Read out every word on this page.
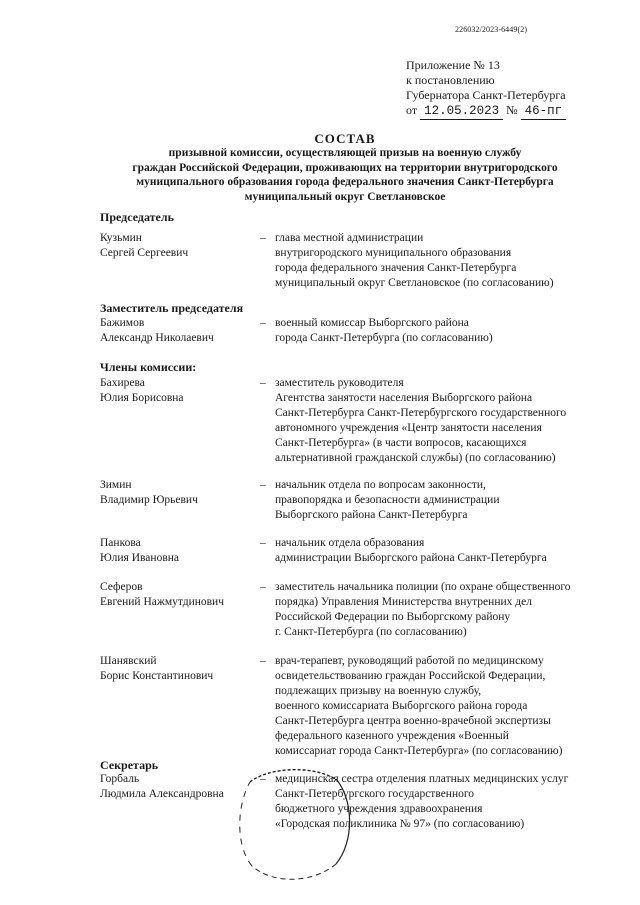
226032/2023-6449(2)
Приложение № 13
к постановлению
Губернатора Санкт-Петербурга
от 12.05.2023 № 46-пг
СОСТАВ
призывной комиссии, осуществляющей призыв на военную службу
граждан Российской Федерации, проживающих на территории внутригородского
муниципального образования города федерального значения Санкт-Петербурга
муниципальный округ Светлановское
Председатель
Кузьмин
Сергей Сергеевич
– глава местной администрации
внутригородского муниципального образования
города федерального значения Санкт-Петербурга
муниципальный округ Светлановское (по согласованию)
Заместитель председателя
Бажимов
Александр Николаевич
– военный комиссар Выборгского района
города Санкт-Петербурга (по согласованию)
Члены комиссии:
Бахирева
Юлия Борисовна
– заместитель руководителя
Агентства занятости населения Выборгского района
Санкт-Петербурга Санкт-Петербургского государственного
автономного учреждения «Центр занятости населения
Санкт-Петербурга» (в части вопросов, касающихся
альтернативной гражданской службы) (по согласованию)
Зимин
Владимир Юрьевич
– начальник отдела по вопросам законности,
правопорядка и безопасности администрации
Выборгского района Санкт-Петербурга
Панкова
Юлия Ивановна
– начальник отдела образования
администрации Выборгского района Санкт-Петербурга
Сеферов
Евгений Нажмутдинович
– заместитель начальника полиции (по охране общественного
порядка) Управления Министерства внутренних дел
Российской Федерации по Выборгскому району
г. Санкт-Петербурга (по согласованию)
Шанявский
Борис Константинович
– врач-терапевт, руководящий работой по медицинскому
освидетельствованию граждан Российской Федерации,
подлежащих призыву на военную службу,
военного комиссариата Выборгского района города
Санкт-Петербурга центра военно-врачебной экспертизы
федерального казенного учреждения «Военный
комиссариат города Санкт-Петербурга» (по согласованию)
Секретарь
Горбаль
Людмила Александровна
– медицинская сестра отделения платных медицинских услуг
Санкт-Петербургского государственного
бюджетного учреждения здравоохранения
«Городская поликлиника № 97» (по согласованию)
